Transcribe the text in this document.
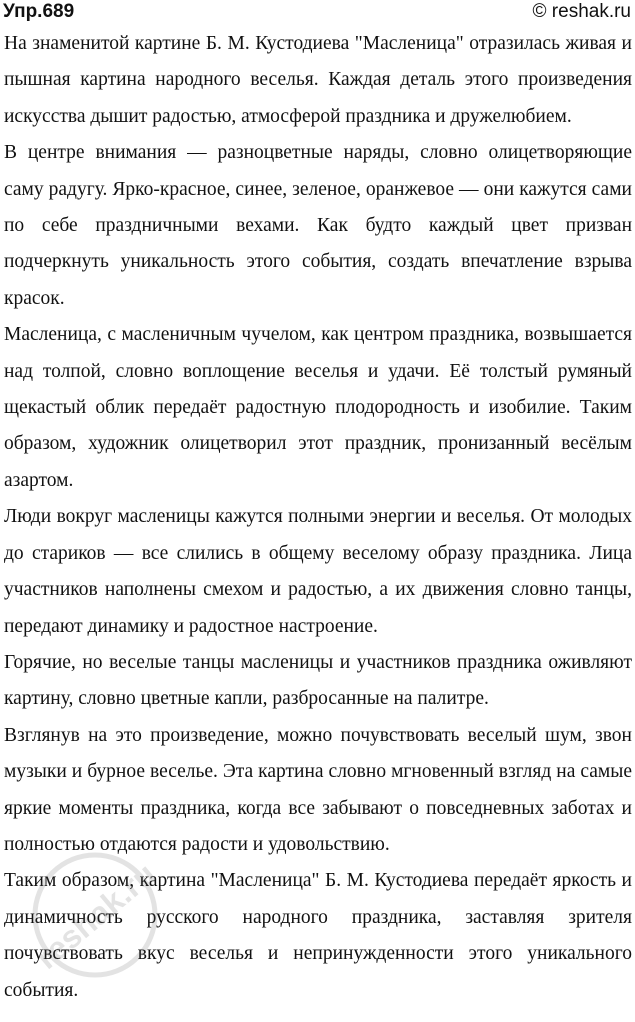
Упр.689	© reshak.ru

На знаменитой картине Б. М. Кустодиева "Масленица" отразилась живая и пышная картина народного веселья. Каждая деталь этого произведения искусства дышит радостью, атмосферой праздника и дружелюбием.

В центре внимания — разноцветные наряды, словно олицетворяющие саму радугу. Ярко-красное, синее, зеленое, оранжевое — они кажутся сами по себе праздничными вехами. Как будто каждый цвет призван подчеркнуть уникальность этого события, создать впечатление взрыва красок.

Масленица, с масленичным чучелом, как центром праздника, возвышается над толпой, словно воплощение веселья и удачи. Её толстый румяный щекастый облик передаёт радостную плодородность и изобилие. Таким образом, художник олицетворил этот праздник, пронизанный весёлым азартом.

Люди вокруг масленицы кажутся полными энергии и веселья. От молодых до стариков — все слились в общему веселому образу праздника. Лица участников наполнены смехом и радостью, а их движения словно танцы, передают динамику и радостное настроение.

Горячие, но веселые танцы масленицы и участников праздника оживляют картину, словно цветные капли, разбросанные на палитре.

Взглянув на это произведение, можно почувствовать веселый шум, звон музыки и бурное веселье. Эта картина словно мгновенный взгляд на самые яркие моменты праздника, когда все забывают о повседневных заботах и полностью отдаются радости и удовольствию.

Таким образом, картина "Масленица" Б. М. Кустодиева передаёт яркость и динамичность русского народного праздника, заставляя зрителя почувствовать вкус веселья и непринужденности этого уникального события.

reshak.ru
